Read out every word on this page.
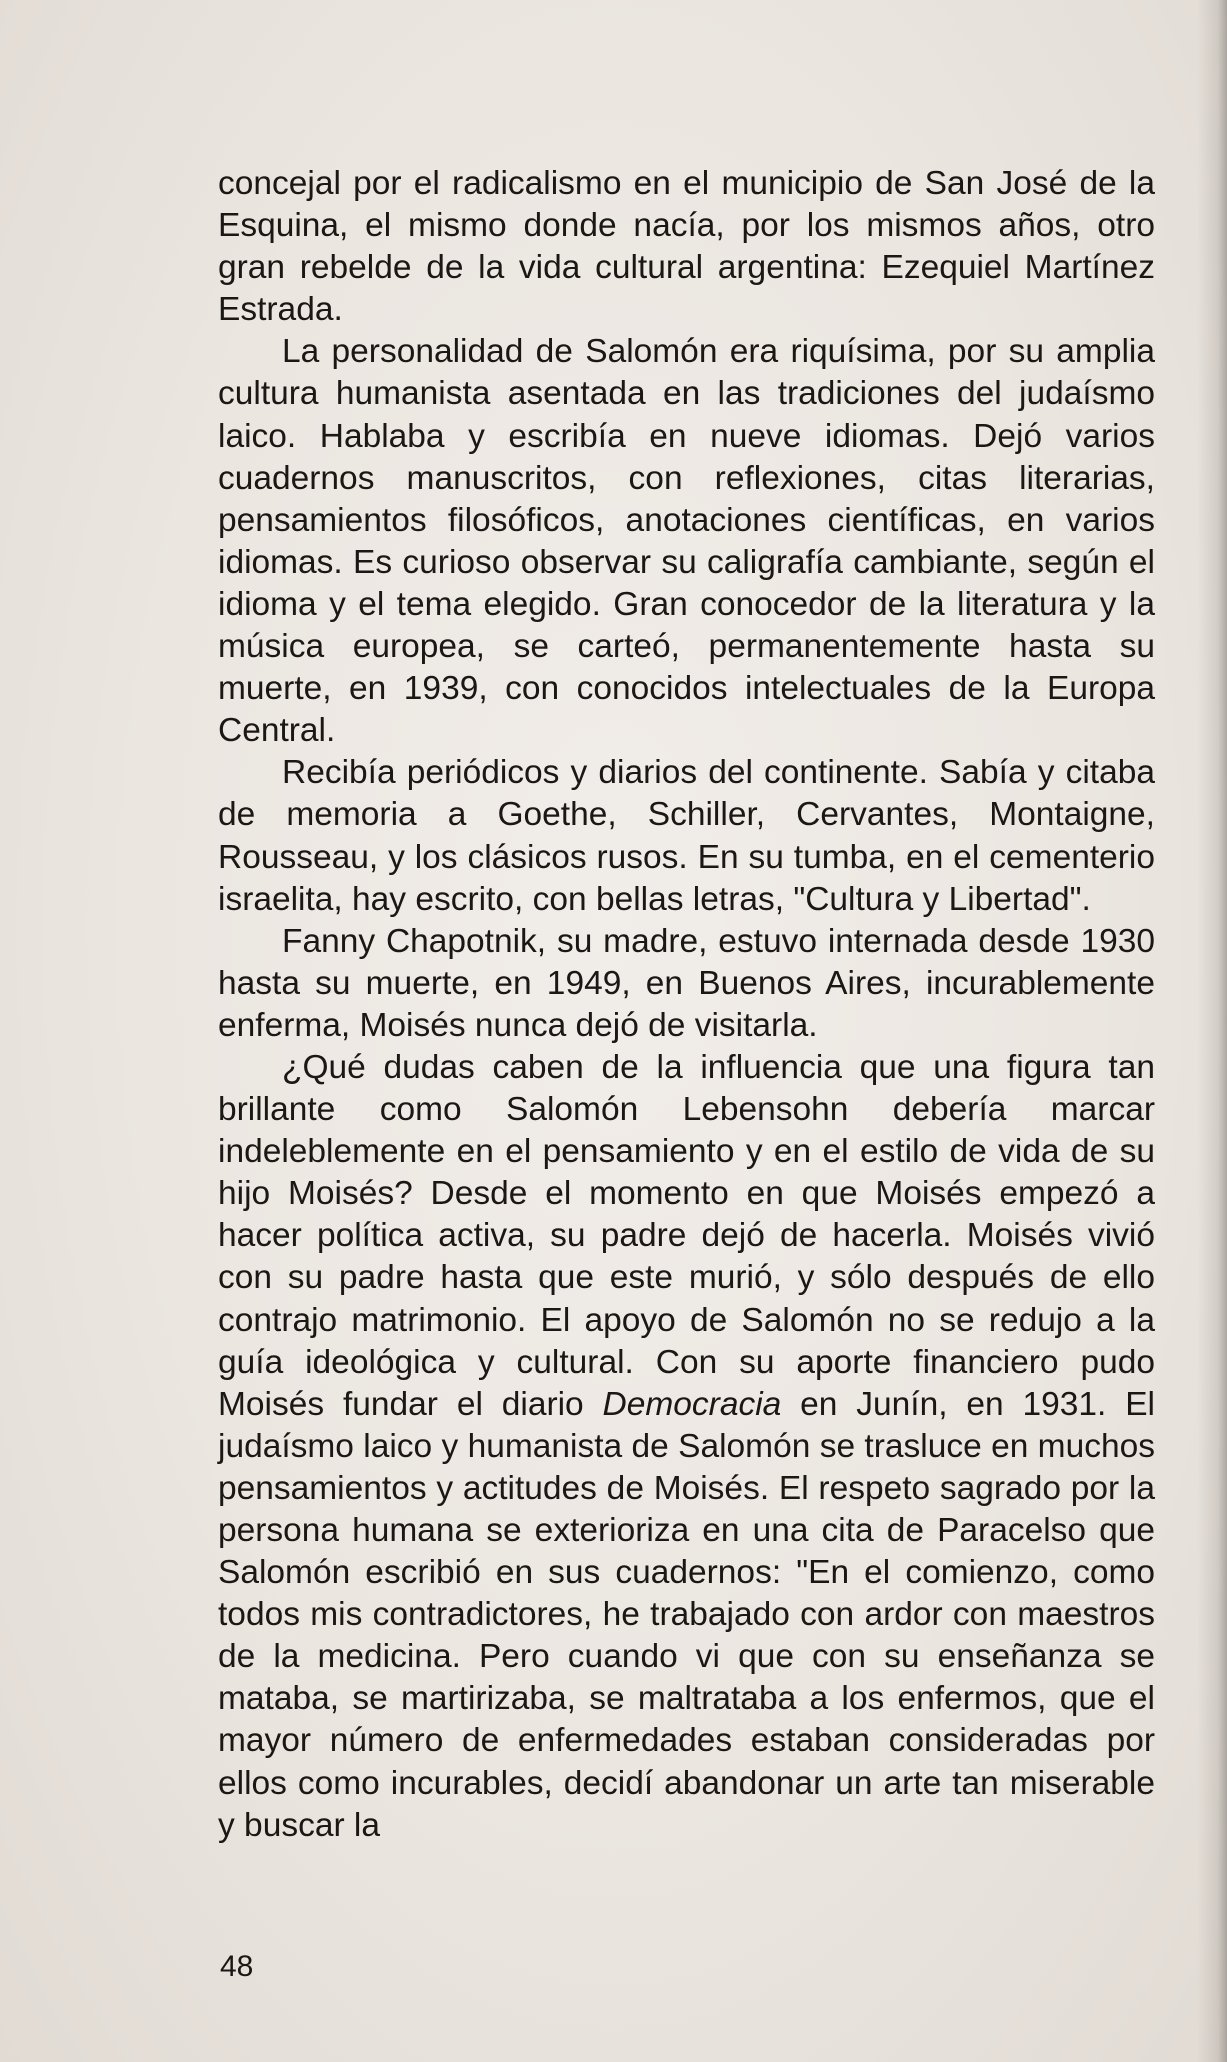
concejal por el radicalismo en el municipio de San José de la Esquina, el mismo donde nacía, por los mismos años, otro gran rebelde de la vida cultural argentina: Ezequiel Martínez Estrada.

La personalidad de Salomón era riquísima, por su amplia cultura humanista asentada en las tradiciones del judaísmo laico. Hablaba y escribía en nueve idiomas. Dejó varios cuadernos manuscritos, con reflexiones, citas literarias, pensamientos filosóficos, anotaciones científicas, en varios idiomas. Es curioso observar su caligrafía cambiante, según el idioma y el tema elegido. Gran conocedor de la literatura y la música europea, se carteó, permanentemente hasta su muerte, en 1939, con conocidos intelectuales de la Europa Central.

Recibía periódicos y diarios del continente. Sabía y citaba de memoria a Goethe, Schiller, Cervantes, Montaigne, Rousseau, y los clásicos rusos. En su tumba, en el cementerio israelita, hay escrito, con bellas letras, "Cultura y Libertad".

Fanny Chapotnik, su madre, estuvo internada desde 1930 hasta su muerte, en 1949, en Buenos Aires, incurablemente enferma, Moisés nunca dejó de visitarla.

¿Qué dudas caben de la influencia que una figura tan brillante como Salomón Lebensohn debería marcar indeleblemente en el pensamiento y en el estilo de vida de su hijo Moisés? Desde el momento en que Moisés empezó a hacer política activa, su padre dejó de hacerla. Moisés vivió con su padre hasta que este murió, y sólo después de ello contrajo matrimonio. El apoyo de Salomón no se redujo a la guía ideológica y cultural. Con su aporte financiero pudo Moisés fundar el diario Democracia en Junín, en 1931. El judaísmo laico y humanista de Salomón se trasluce en muchos pensamientos y actitudes de Moisés. El respeto sagrado por la persona humana se exterioriza en una cita de Paracelso que Salomón escribió en sus cuadernos: "En el comienzo, como todos mis contradictores, he trabajado con ardor con maestros de la medicina. Pero cuando vi que con su enseñanza se mataba, se martirizaba, se maltrataba a los enfermos, que el mayor número de enfermedades estaban consideradas por ellos como incurables, decidí abandonar un arte tan miserable y buscar la

48
